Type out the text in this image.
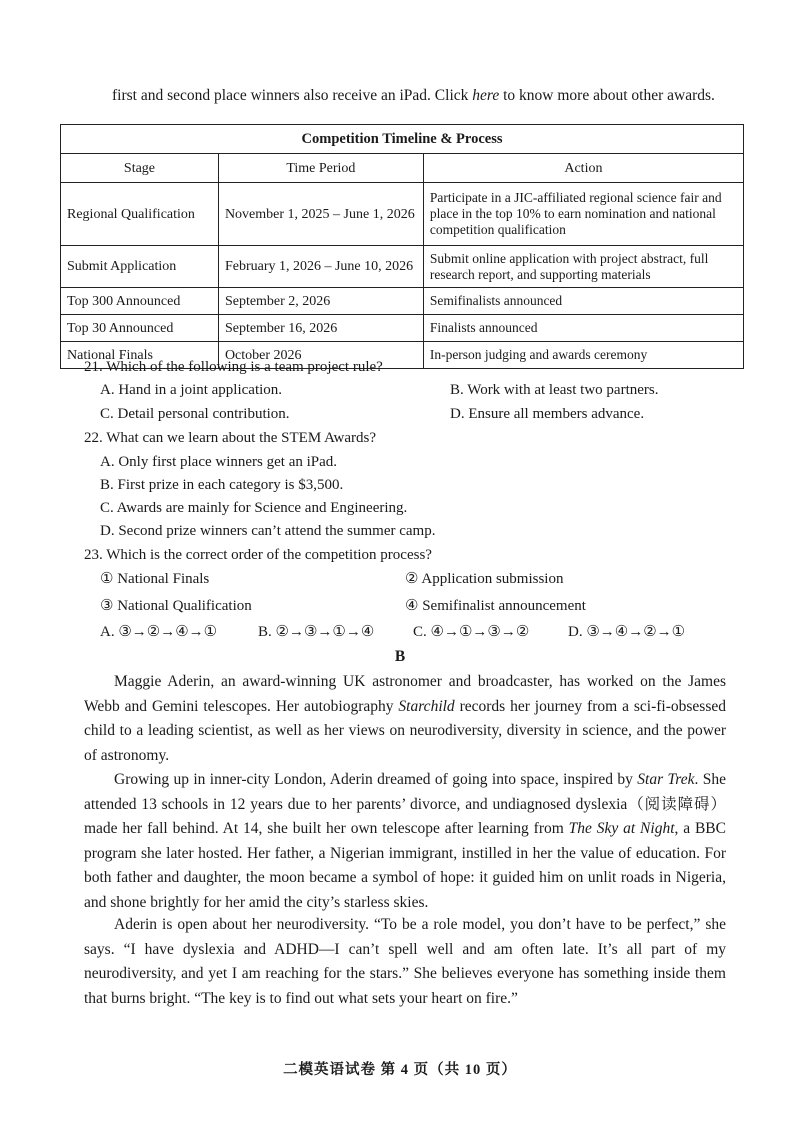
first and second place winners also receive an iPad. Click here to know more about other awards.
Competition Timeline & Process		
Stage	Time Period	Action
Regional Qualification	November 1, 2025 – June 1, 2026	Participate in a JIC-affiliated regional science fair and place in the top 10% to earn nomination and national competition qualification
Submit Application	February 1, 2026 – June 10, 2026	Submit online application with project abstract, full research report, and supporting materials
Top 300 Announced	September 2, 2026	Semifinalists announced
Top 30 Announced	September 16, 2026	Finalists announced
National Finals	October 2026	In-person judging and awards ceremony
21. Which of the following is a team project rule?
A. Hand in a joint application.	B. Work with at least two partners.
C. Detail personal contribution.	D. Ensure all members advance.
22. What can we learn about the STEM Awards?
A. Only first place winners get an iPad.
B. First prize in each category is $3,500.
C. Awards are mainly for Science and Engineering.
D. Second prize winners can’t attend the summer camp.
23. Which is the correct order of the competition process?
① National Finals	② Application submission
③ National Qualification	④ Semifinalist announcement
A. ③→②→④→①	B. ②→③→①→④	C. ④→①→③→②	D. ③→④→②→①
B
Maggie Aderin, an award-winning UK astronomer and broadcaster, has worked on the James Webb and Gemini telescopes. Her autobiography Starchild records her journey from a sci-fi-obsessed child to a leading scientist, as well as her views on neurodiversity, diversity in science, and the power of astronomy.
Growing up in inner-city London, Aderin dreamed of going into space, inspired by Star Trek. She attended 13 schools in 12 years due to her parents’ divorce, and undiagnosed dyslexia（阅读障碍）made her fall behind. At 14, she built her own telescope after learning from The Sky at Night, a BBC program she later hosted. Her father, a Nigerian immigrant, instilled in her the value of education. For both father and daughter, the moon became a symbol of hope: it guided him on unlit roads in Nigeria, and shone brightly for her amid the city’s starless skies.
Aderin is open about her neurodiversity. “To be a role model, you don’t have to be perfect,” she says. “I have dyslexia and ADHD—I can’t spell well and am often late. It’s all part of my neurodiversity, and yet I am reaching for the stars.” She believes everyone has something inside them that burns bright. “The key is to find out what sets your heart on fire.”
二模英语试卷 第 4 页（共 10 页）
